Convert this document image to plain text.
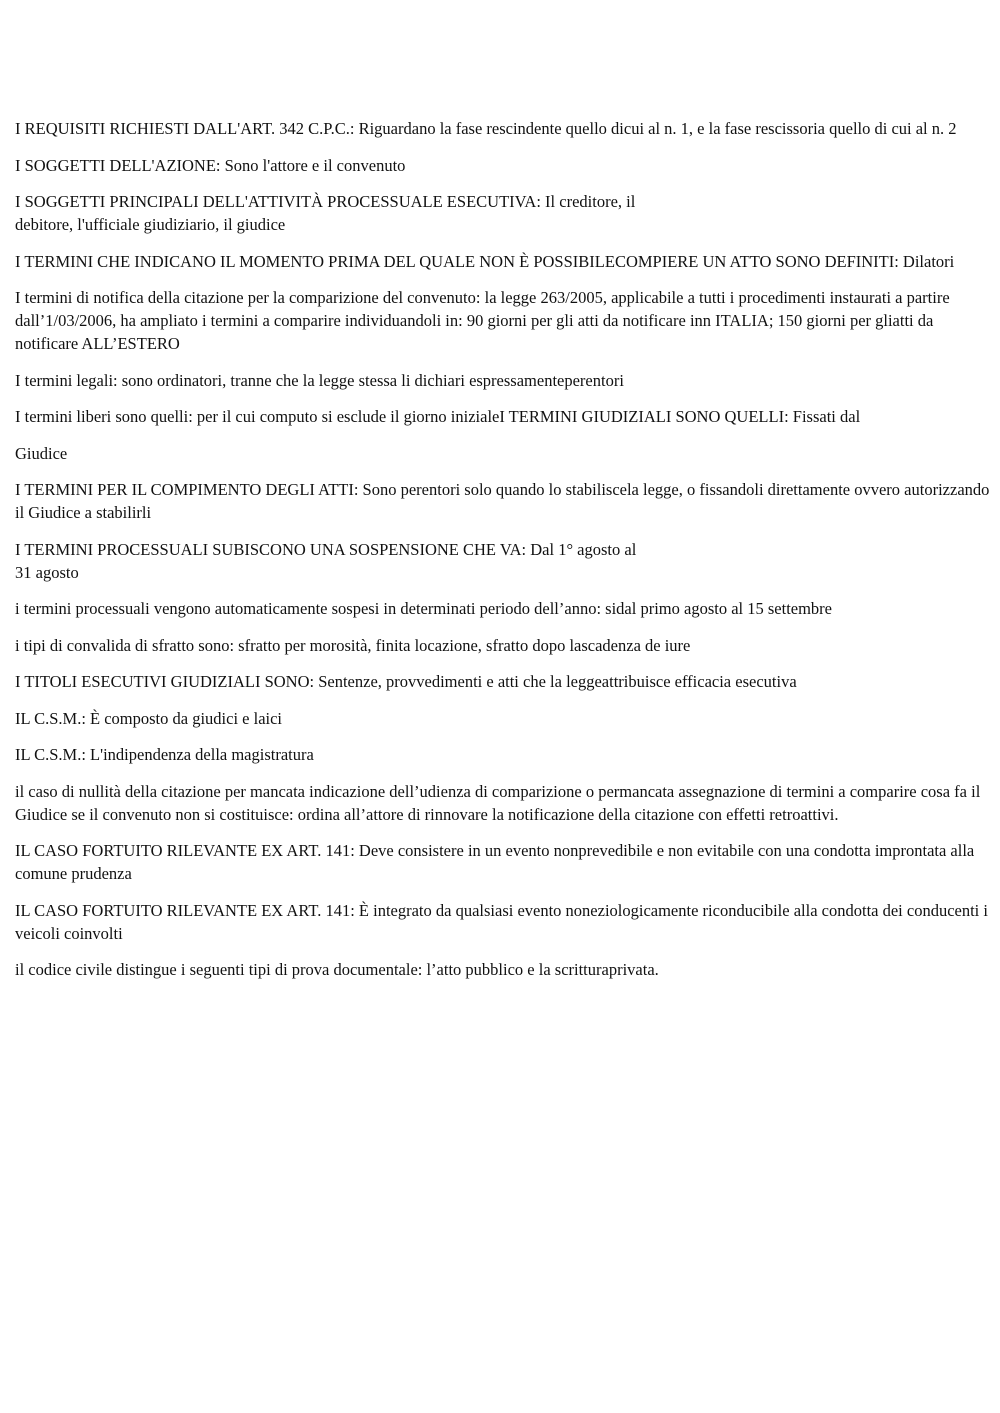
I REQUISITI RICHIESTI DALL'ART. 342 C.P.C.: Riguardano la fase rescindente quello dicui al n. 1, e la fase rescissoria quello di cui al n. 2

I SOGGETTI DELL'AZIONE: Sono l'attore e il convenuto

I SOGGETTI PRINCIPALI DELL'ATTIVITÀ PROCESSUALE ESECUTIVA: Il creditore, il
debitore, l'ufficiale giudiziario, il giudice

I TERMINI CHE INDICANO IL MOMENTO PRIMA DEL QUALE NON È POSSIBILECOMPIERE UN ATTO SONO DEFINITI: Dilatori

I termini di notifica della citazione per la comparizione del convenuto: la legge 263/2005, applicabile a tutti i procedimenti instaurati a partire dall’1/03/2006, ha ampliato i termini a comparire individuandoli in: 90 giorni per gli atti da notificare inn ITALIA; 150 giorni per gliatti da notificare ALL’ESTERO

I termini legali: sono ordinatori, tranne che la legge stessa li dichiari espressamenteperentori

I termini liberi sono quelli: per il cui computo si esclude il giorno inizialeI TERMINI GIUDIZIALI SONO QUELLI: Fissati dal

Giudice

I TERMINI PER IL COMPIMENTO DEGLI ATTI: Sono perentori solo quando lo stabiliscela legge, o fissandoli direttamente ovvero autorizzando il Giudice a stabilirli

I TERMINI PROCESSUALI SUBISCONO UNA SOSPENSIONE CHE VA: Dal 1° agosto al
31 agosto

i termini processuali vengono automaticamente sospesi in determinati periodo dell’anno: sidal primo agosto al 15 settembre

i tipi di convalida di sfratto sono: sfratto per morosità, finita locazione, sfratto dopo lascadenza de iure

I TITOLI ESECUTIVI GIUDIZIALI SONO: Sentenze, provvedimenti e atti che la leggeattribuisce efficacia esecutiva

IL C.S.M.: È composto da giudici e laici

IL C.S.M.: L'indipendenza della magistratura

il caso di nullità della citazione per mancata indicazione dell’udienza di comparizione o permancata assegnazione di termini a comparire cosa fa il Giudice se il convenuto non si costituisce: ordina all’attore di rinnovare la notificazione della citazione con effetti retroattivi.

IL CASO FORTUITO RILEVANTE EX ART. 141: Deve consistere in un evento nonprevedibile e non evitabile con una condotta improntata alla comune prudenza

IL CASO FORTUITO RILEVANTE EX ART. 141: È integrato da qualsiasi evento noneziologicamente riconducibile alla condotta dei conducenti i veicoli coinvolti

il codice civile distingue i seguenti tipi di prova documentale: l’atto pubblico e la scritturaprivata.
